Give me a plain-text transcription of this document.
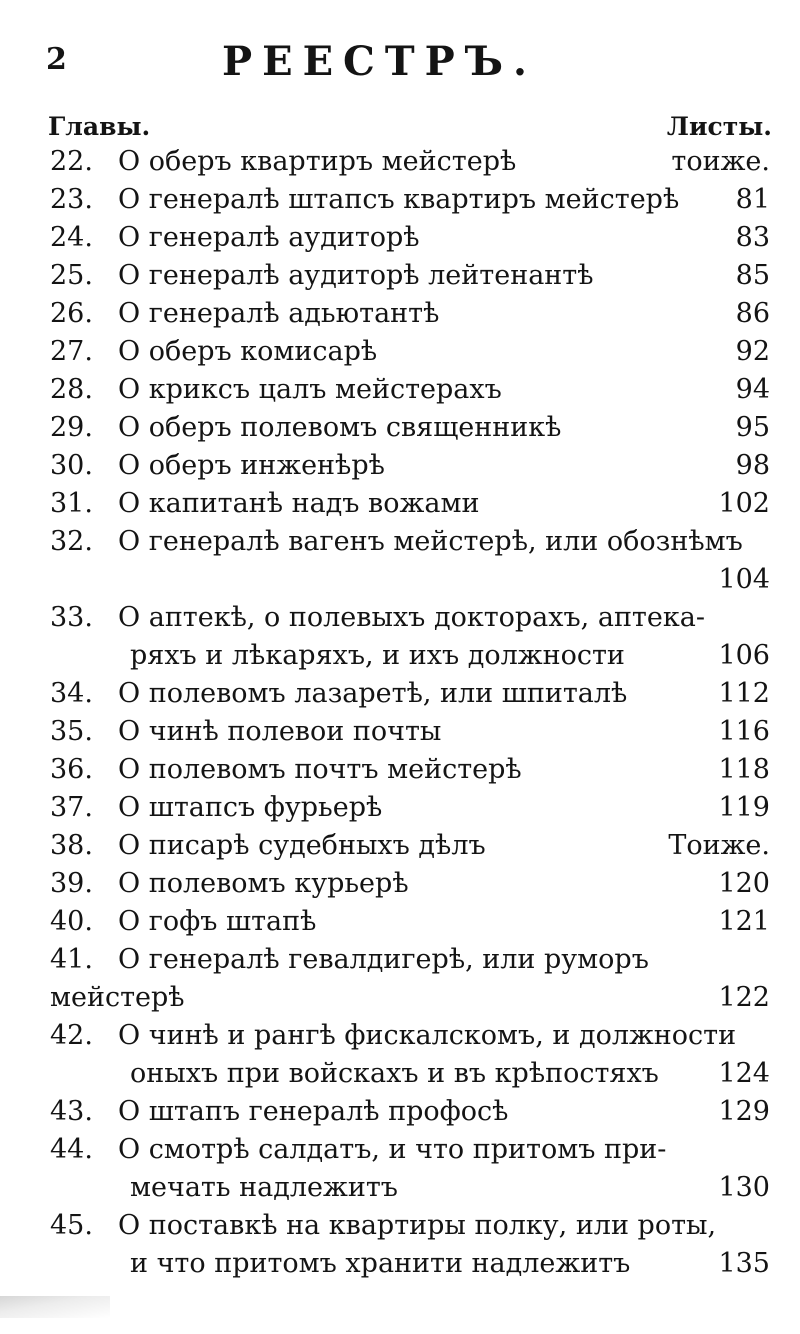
2	РЕЕСТРЪ.
Главы.	Листы.
22. О оберъ квартиръ мейстерѣ	тоиже.
23. О генералѣ штапсъ квартиръ мейстерѣ 81
24. О генералѣ аудиторѣ	83
25. О генералѣ аудиторѣ лейтенантѣ	85
26. О генералѣ адьютантѣ	86
27. О оберъ комисарѣ	92
28. О криксъ цалъ мейстерахъ	94
29. О оберъ полевомъ священникѣ	95
30. О оберъ инженѣрѣ	98
31. О капитанѣ надъ вожами	102
32. О генералѣ вагенъ мейстерѣ, или обознѣмъ
104
33. О аптекѣ, о полевыхъ докторахъ, аптека-
ряхъ и лѣкаряхъ, и ихъ должности	106
34. О полевомъ лазаретѣ, или шпиталѣ	112
35. О чинѣ полевои почты	116
36. О полевомъ почтъ мейстерѣ	118
37. О штапсъ фурьерѣ	119
38. О писарѣ судебныхъ дѣлъ	Тоиже.
39. О полевомъ курьерѣ	120
40. О гофъ штапѣ	121
41. О генералѣ гевалдигерѣ, или руморъ
мейстерѣ	122
42. О чинѣ и рангѣ фискалскомъ, и должности
оныхъ при войскахъ и въ крѣпостяхъ 124
43. О штапъ генералѣ профосѣ	129
44. О смотрѣ салдатъ, и что притомъ при-
мечать надлежитъ	130
45. О поставкѣ на квартиры полку, или роты,
и что притомъ хранити надлежитъ	135
